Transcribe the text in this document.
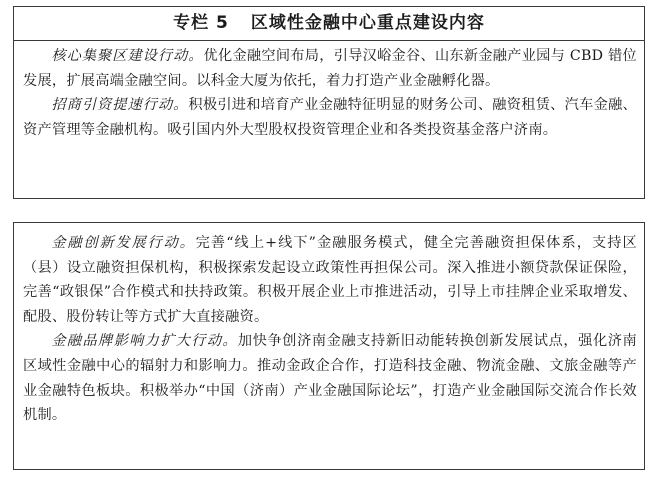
专栏 5 区域性金融中心重点建设内容

核心集聚区建设行动。优化金融空间布局，引导汉峪金谷、山东新金融产业园与 CBD 错位发展，扩展高端金融空间。以科金大厦为依托，着力打造产业金融孵化器。

招商引资提速行动。积极引进和培育产业金融特征明显的财务公司、融资租赁、汽车金融、资产管理等金融机构。吸引国内外大型股权投资管理企业和各类投资基金落户济南。

金融创新发展行动。完善“线上+线下”金融服务模式，健全完善融资担保体系，支持区（县）设立融资担保机构，积极探索发起设立政策性再担保公司。深入推进小额贷款保证保险，完善“政银保”合作模式和扶持政策。积极开展企业上市推进活动，引导上市挂牌企业采取增发、配股、股份转让等方式扩大直接融资。

金融品牌影响力扩大行动。加快争创济南金融支持新旧动能转换创新发展试点，强化济南区域性金融中心的辐射力和影响力。推动金政企合作，打造科技金融、物流金融、文旅金融等产业金融特色板块。积极举办“中国（济南）产业金融国际论坛”，打造产业金融国际交流合作长效机制。
